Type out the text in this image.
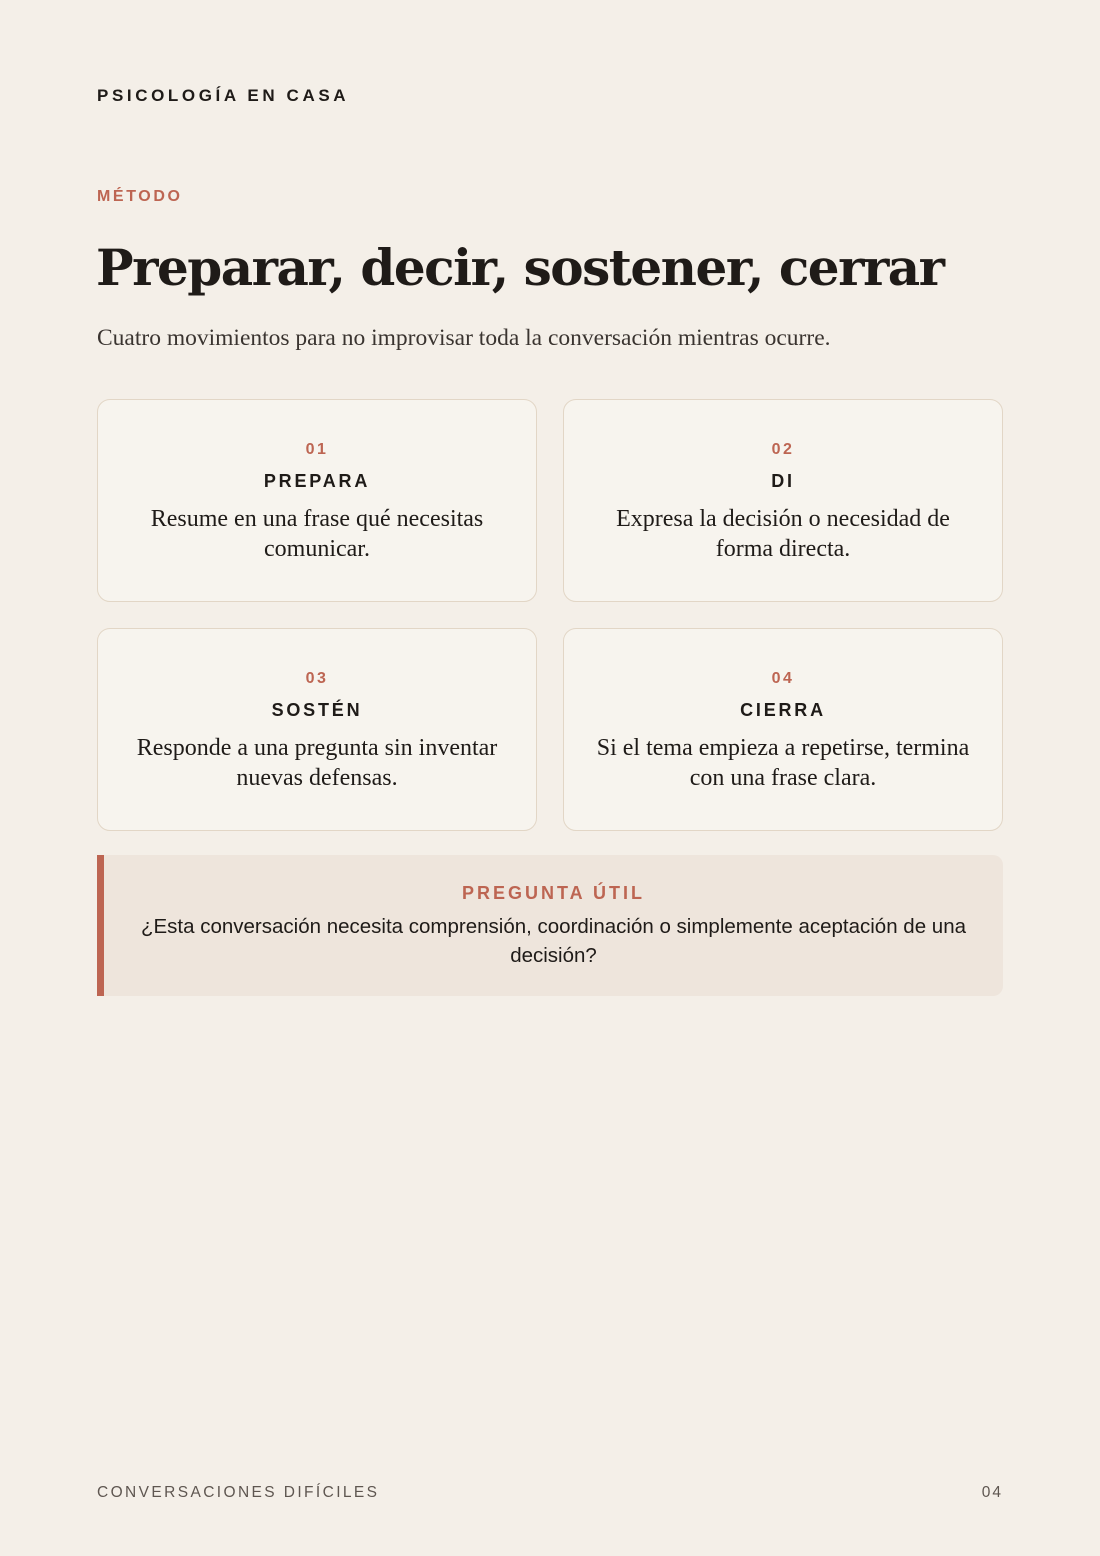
PSICOLOGÍA EN CASA
MÉTODO
Preparar, decir, sostener, cerrar

Cuatro movimientos para no improvisar toda la conversación mientras ocurre.

01
PREPARA
Resume en una frase qué necesitas comunicar.
02
DI
Expresa la decisión o necesidad de forma directa.
03
SOSTÉN
Responde a una pregunta sin inventar nuevas defensas.
04
CIERRA
Si el tema empieza a repetirse, termina con una frase clara.
PREGUNTA ÚTIL
¿Esta conversación necesita comprensión, coordinación o simplemente aceptación de una decisión?
CONVERSACIONES DIFÍCILES	04
